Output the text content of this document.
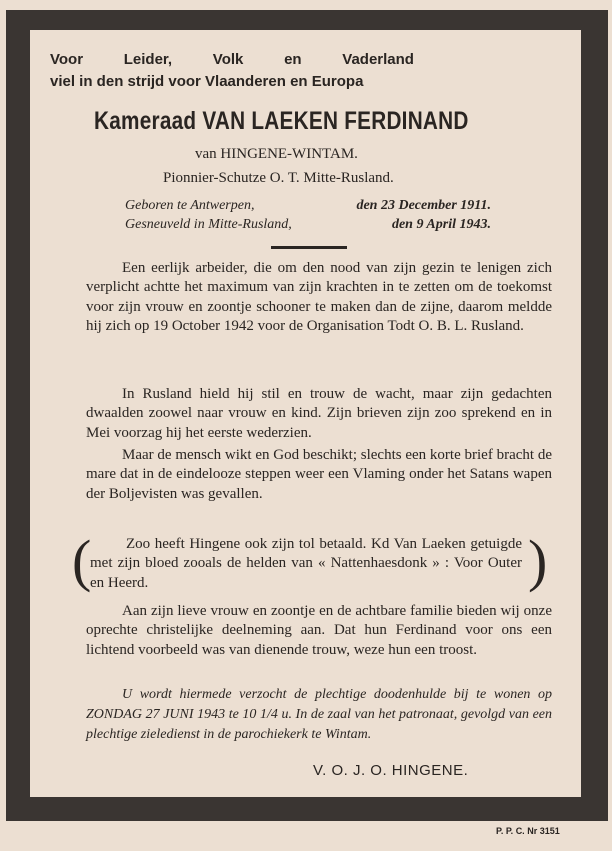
Voor	Leider,	Volk	en	Vaderland
viel in den strijd voor Vlaanderen en Europa
Kameraad VAN LAEKEN FERDINAND
van HINGENE-WINTAM.
Pionnier-Schutze O. T. Mitte-Rusland.
Geboren te Antwerpen,	den 23 December 1911.
Gesneuveld in Mitte-Rusland,	den 9 April 1943.
Een eerlijk arbeider, die om den nood van zijn gezin te lenigen zich verplicht achtte het maximum van zijn krachten in te zetten om de toekomst voor zijn vrouw en zoontje schooner te maken dan de zijne, daarom meldde hij zich op 19 October 1942 voor de Organisation Todt O. B. L. Rusland.
In Rusland hield hij stil en trouw de wacht, maar zijn gedachten dwaalden zoowel naar vrouw en kind. Zijn brieven zijn zoo sprekend en in Mei voorzag hij het eerste wederzien.
Maar de mensch wikt en God beschikt; slechts een korte brief bracht de mare dat in de eindelooze steppen weer een Vlaming onder het Satans wapen der Boljevisten was gevallen.
(	Zoo heeft Hingene ook zijn tol betaald. Kd Van Laeken getuigde met zijn bloed zooals de helden van « Nattenhaesdonk » : Voor Outer en Heerd.	)
Aan zijn lieve vrouw en zoontje en de achtbare familie bieden wij onze oprechte christelijke deelneming aan. Dat hun Ferdinand voor ons een lichtend voorbeeld was van dienende trouw, weze hun een troost.
U wordt hiermede verzocht de plechtige doodenhulde bij te wonen op ZONDAG 27 JUNI 1943 te 10 1/4 u. In de zaal van het patronaat, gevolgd van een plechtige zieledienst in de parochiekerk te Wintam.
V. O. J. O. HINGENE.
P. P. C. Nr 3151
